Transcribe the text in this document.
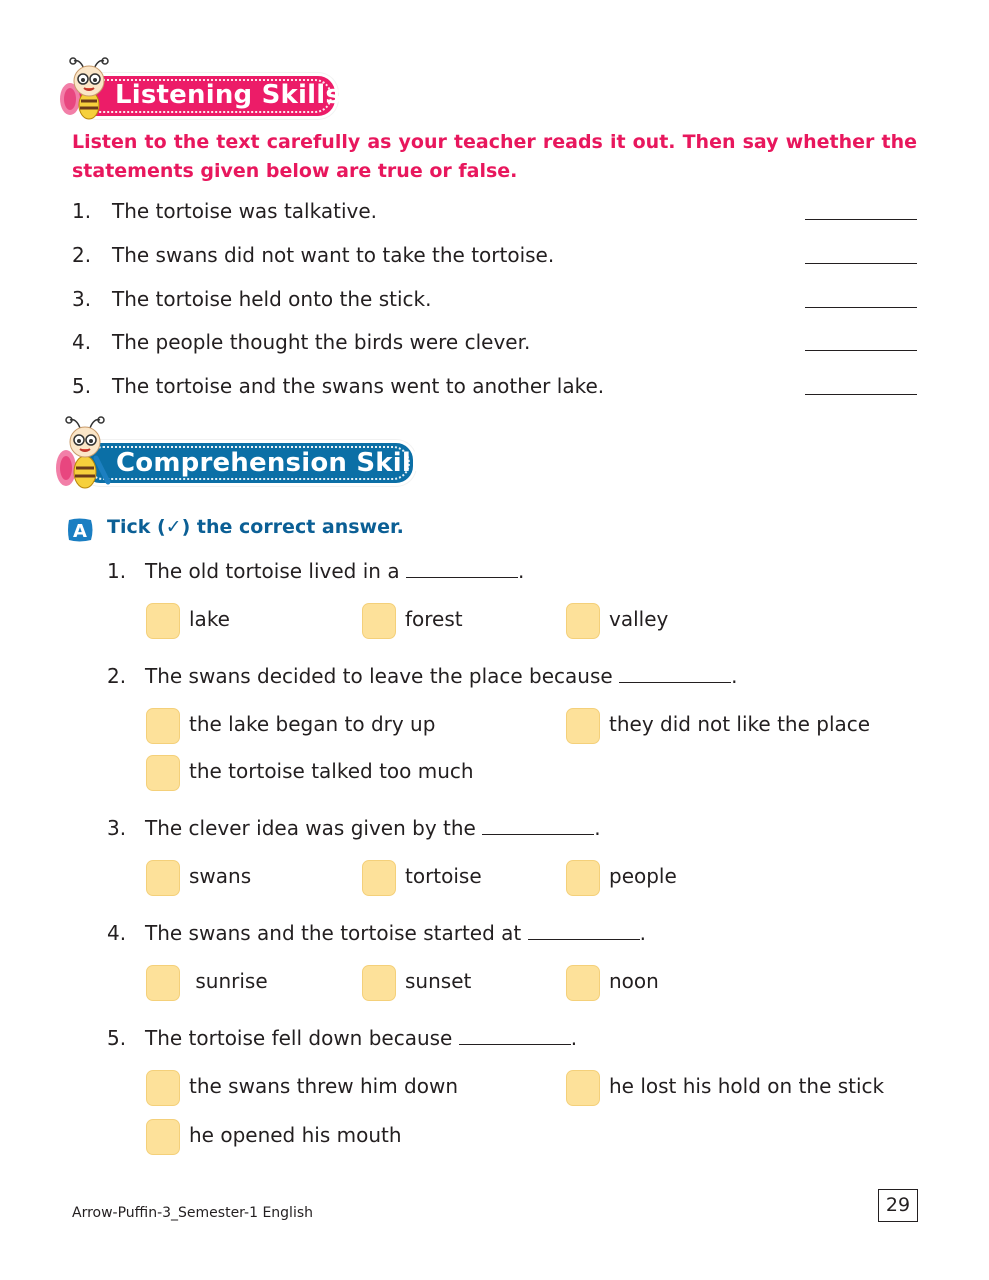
Listening Skills
Listen to the text carefully as your teacher reads it out. Then say whether the statements given below are true or false.
1.	The tortoise was talkative.
2.	The swans did not want to take the tortoise.
3.	The tortoise held onto the stick.
4.	The people thought the birds were clever.
5.	The tortoise and the swans went to another lake.
Comprehension Skills
A Tick (✓) the correct answer.
1. The old tortoise lived in a	.
lake	forest	valley
2. The swans decided to leave the place because	.
the lake began to dry up	they did not like the place
the tortoise talked too much
3. The clever idea was given by the	.
swans	tortoise	people
4. The swans and the tortoise started at	.
sunrise	sunset	noon
5. The tortoise fell down because	.
the swans threw him down	he lost his hold on the stick
he opened his mouth
Arrow-Puffin-3_Semester-1 English	29
